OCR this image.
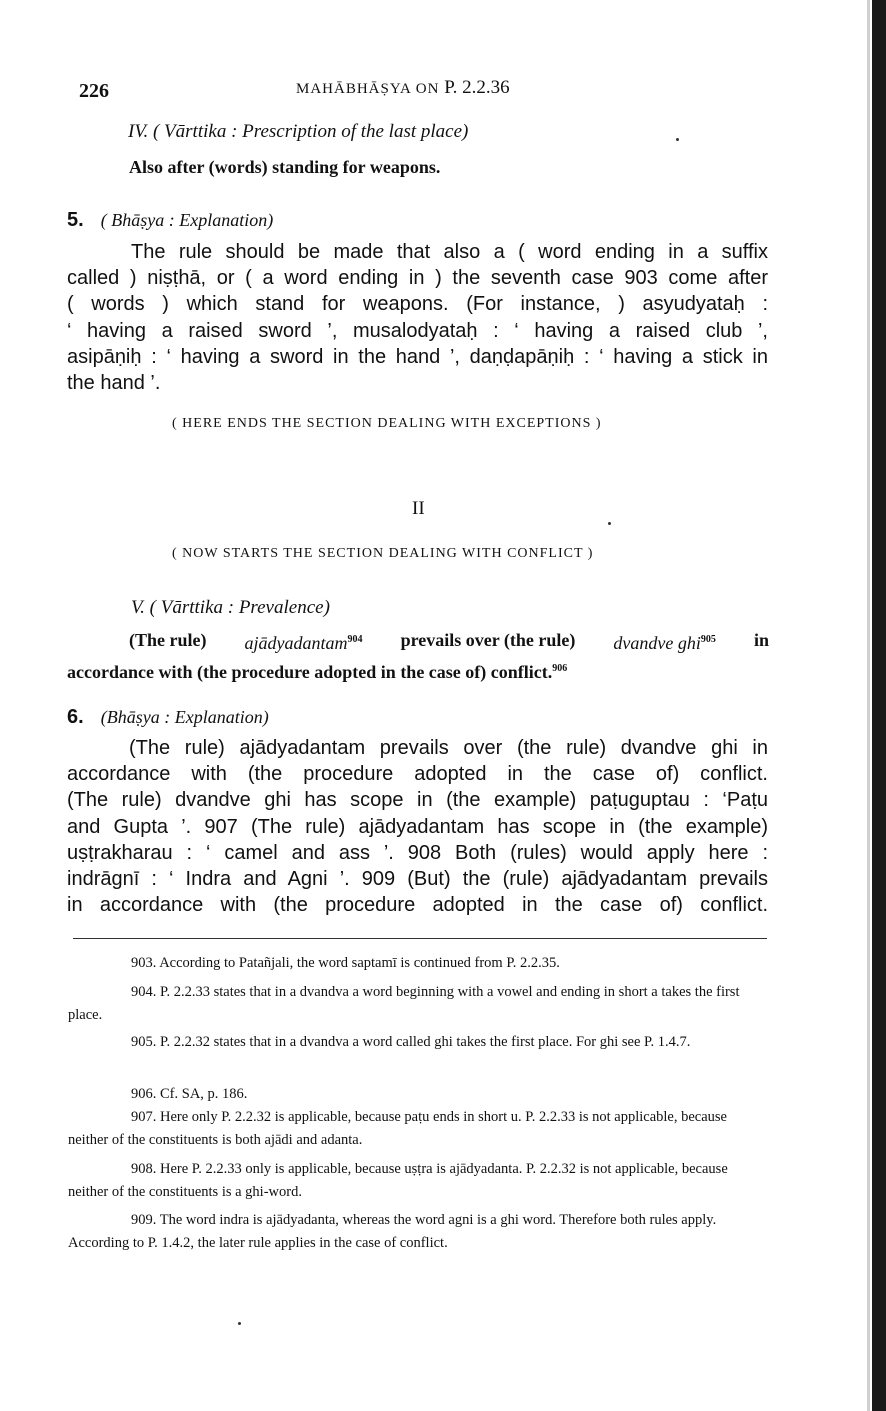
226	MAHĀBHĀṢYA ON P. 2.2.36
IV. ( Vārttika : Prescription of the last place)
Also after (words) standing for weapons.
5. ( Bhāṣya : Explanation)
The rule should be made that also a ( word ending in a suffix
called ) niṣṭhā, or ( a word ending in ) the seventh case 903 come after
( words ) which stand for weapons. (For instance, ) asyudyataḥ :
‘ having a raised sword ’, musalodyataḥ : ‘ having a raised club ’,
asipāṇiḥ : ‘ having a sword in the hand ’, daṇḍapāṇiḥ : ‘ having a stick in
the hand ’.
( HERE ENDS THE SECTION DEALING WITH EXCEPTIONS )
II
( NOW STARTS THE SECTION DEALING WITH CONFLICT )
V. ( Vārttika : Prevalence)
(The rule) ajādyadantam$^{904}$ prevails over (the rule) dvandve ghi$^{905}$ in
accordance with (the procedure adopted in the case of) conflict.$^{906}$
6. (Bhāṣya : Explanation)
(The rule) ajādyadantam prevails over (the rule) dvandve ghi in
accordance with (the procedure adopted in the case of) conflict.
(The rule) dvandve ghi has scope in (the example) paṭuguptau : ‘Paṭu
and Gupta ’. 907 (The rule) ajādyadantam has scope in (the example)
uṣṭrakharau : ‘ camel and ass ’. 908 Both (rules) would apply here :
indrāgnī : ‘ Indra and Agni ’. 909 (But) the (rule) ajādyadantam prevails
in accordance with (the procedure adopted in the case of) conflict.
903. According to Patañjali, the word saptamī is continued from P. 2.2.35.
904. P. 2.2.33 states that in a dvandva a word beginning with a vowel and ending in short a takes the first place.
905. P. 2.2.32 states that in a dvandva a word called ghi takes the first place. For ghi see P. 1.4.7.
906. Cf. SA, p. 186.
907. Here only P. 2.2.32 is applicable, because paṭu ends in short u. P. 2.2.33 is not applicable, because neither of the constituents is both ajādi and adanta.
908. Here P. 2.2.33 only is applicable, because uṣṭra is ajādyadanta. P. 2.2.32 is not applicable, because neither of the constituents is a ghi-word.
909. The word indra is ajādyadanta, whereas the word agni is a ghi word. Therefore both rules apply. According to P. 1.4.2, the later rule applies in the case of conflict.
